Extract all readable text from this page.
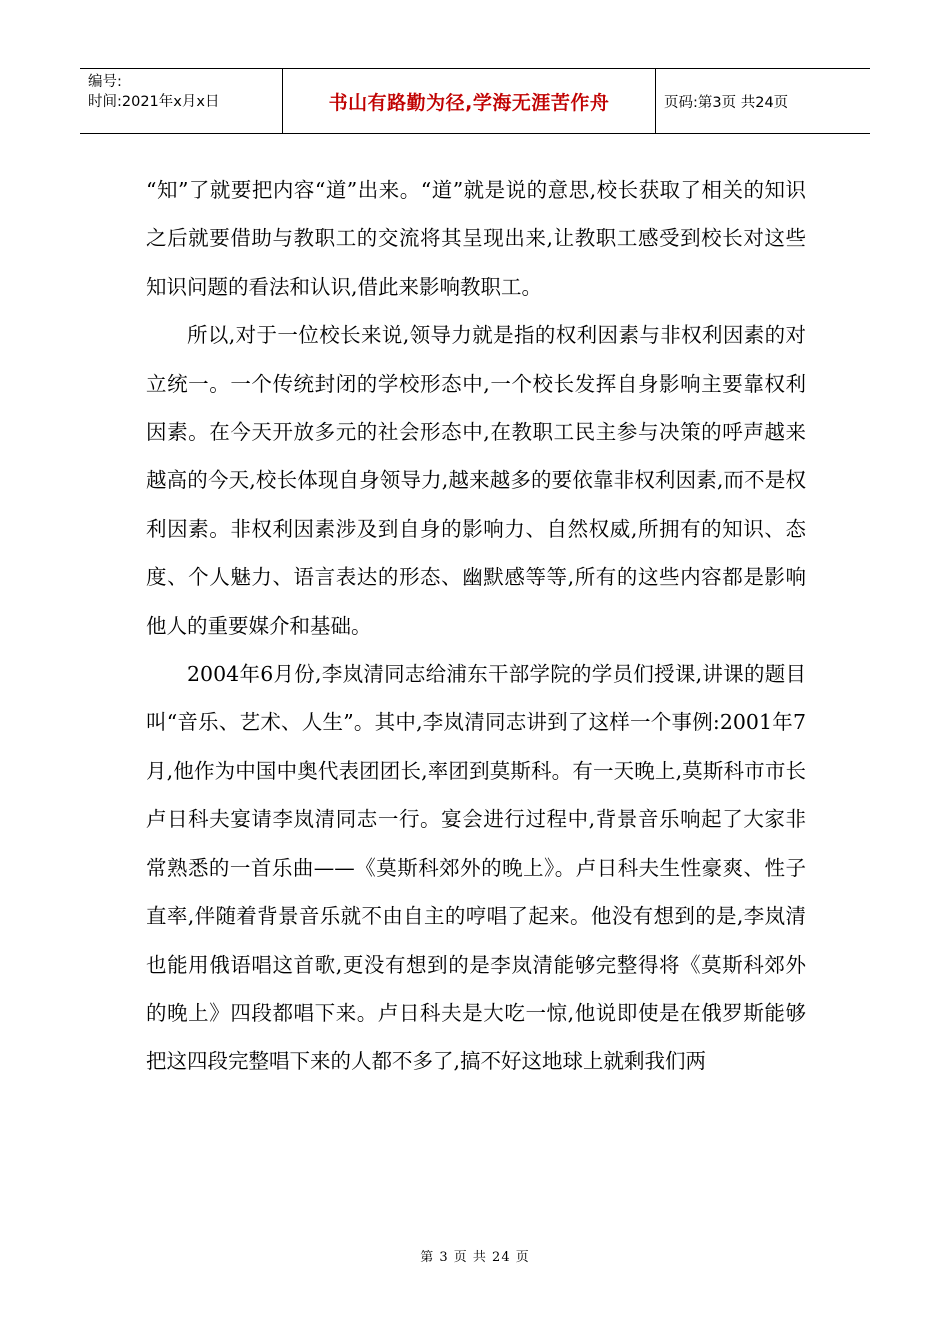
编号:
时间:2021年x月x日	书山有路勤为径,学海无涯苦作舟	页码:第3页 共24页

“知”了就要把内容“道”出来。“道”就是说的意思,校长获取了相关的知识之后就要借助与教职工的交流将其呈现出来,让教职工感受到校长对这些知识问题的看法和认识,借此来影响教职工。

所以,对于一位校长来说,领导力就是指的权利因素与非权利因素的对立统一。一个传统封闭的学校形态中,一个校长发挥自身影响主要靠权利因素。在今天开放多元的社会形态中,在教职工民主参与决策的呼声越来越高的今天,校长体现自身领导力,越来越多的要依靠非权利因素,而不是权利因素。非权利因素涉及到自身的影响力、自然权威,所拥有的知识、态度、个人魅力、语言表达的形态、幽默感等等,所有的这些内容都是影响他人的重要媒介和基础。

2004年6月份,李岚清同志给浦东干部学院的学员们授课,讲课的题目叫“音乐、艺术、人生”。其中,李岚清同志讲到了这样一个事例:2001年7月,他作为中国中奥代表团团长,率团到莫斯科。有一天晚上,莫斯科市市长卢日科夫宴请李岚清同志一行。宴会进行过程中,背景音乐响起了大家非常熟悉的一首乐曲——《莫斯科郊外的晚上》。卢日科夫生性豪爽、性子直率,伴随着背景音乐就不由自主的哼唱了起来。他没有想到的是,李岚清也能用俄语唱这首歌,更没有想到的是李岚清能够完整得将《莫斯科郊外的晚上》四段都唱下来。卢日科夫是大吃一惊,他说即使是在俄罗斯能够把这四段完整唱下来的人都不多了,搞不好这地球上就剩我们两

第 3 页 共 24 页
